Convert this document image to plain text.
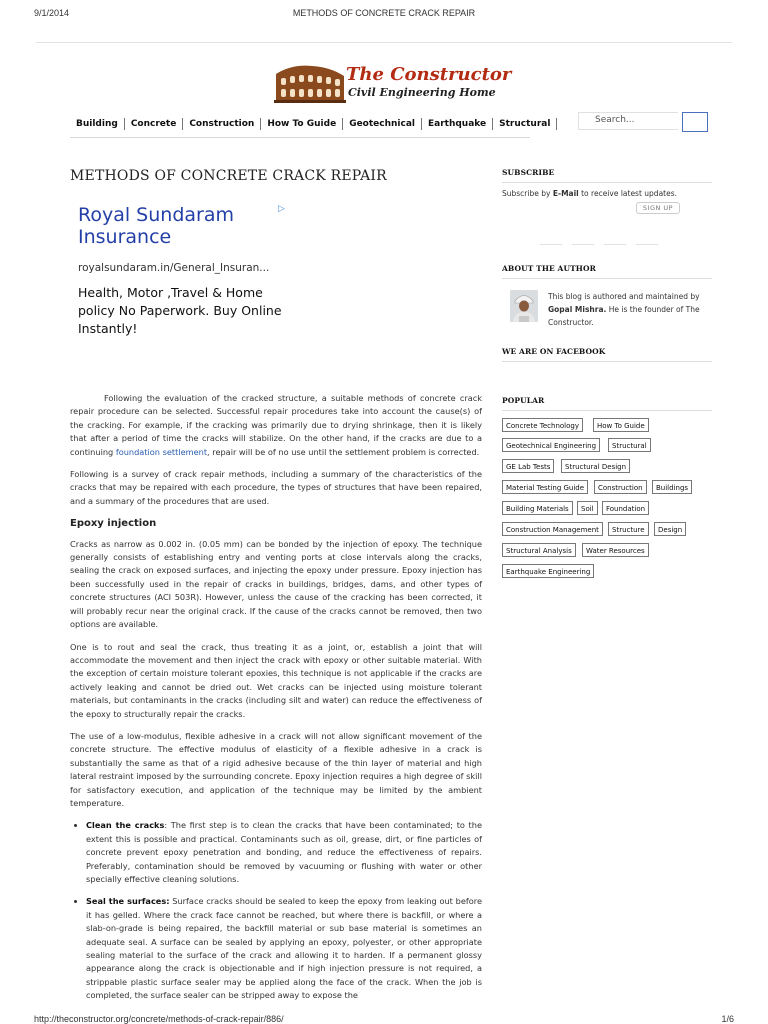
9/1/2014	METHODS OF CONCRETE CRACK REPAIR
The Constructor
Civil Engineering Home
Building	Concrete	Construction	How To Guide	Geotechnical	Earthquake	Structural	Search...
METHODS OF CONCRETE CRACK REPAIR
▷
Royal Sundaram Insurance
royalsundaram.in/General_Insuran...
Health, Motor ,Travel & Home policy No Paperwork. Buy Online Instantly!

Following the evaluation of the cracked structure, a suitable methods of concrete crack repair procedure can be selected. Successful repair procedures take into account the cause(s) of the cracking. For example, if the cracking was primarily due to drying shrinkage, then it is likely that after a period of time the cracks will stabilize. On the other hand, if the cracks are due to a continuing foundation settlement, repair will be of no use until the settlement problem is corrected.

Following is a survey of crack repair methods, including a summary of the characteristics of the cracks that may be repaired with each procedure, the types of structures that have been repaired, and a summary of the procedures that are used.

Epoxy injection

Cracks as narrow as 0.002 in. (0.05 mm) can be bonded by the injection of epoxy. The technique generally consists of establishing entry and venting ports at close intervals along the cracks, sealing the crack on exposed surfaces, and injecting the epoxy under pressure. Epoxy injection has been successfully used in the repair of cracks in buildings, bridges, dams, and other types of concrete structures (ACI 503R). However, unless the cause of the cracking has been corrected, it will probably recur near the original crack. If the cause of the cracks cannot be removed, then two options are available.

One is to rout and seal the crack, thus treating it as a joint, or, establish a joint that will accommodate the movement and then inject the crack with epoxy or other suitable material. With the exception of certain moisture tolerant epoxies, this technique is not applicable if the cracks are actively leaking and cannot be dried out. Wet cracks can be injected using moisture tolerant materials, but contaminants in the cracks (including silt and water) can reduce the effectiveness of the epoxy to structurally repair the cracks.

The use of a low-modulus, flexible adhesive in a crack will not allow significant movement of the concrete structure. The effective modulus of elasticity of a flexible adhesive in a crack is substantially the same as that of a rigid adhesive because of the thin layer of material and high lateral restraint imposed by the surrounding concrete. Epoxy injection requires a high degree of skill for satisfactory execution, and application of the technique may be limited by the ambient temperature.

• Clean the cracks: The first step is to clean the cracks that have been contaminated; to the extent this is possible and practical. Contaminants such as oil, grease, dirt, or fine particles of concrete prevent epoxy penetration and bonding, and reduce the effectiveness of repairs. Preferably, contamination should be removed by vacuuming or flushing with water or other specially effective cleaning solutions.
• Seal the surfaces: Surface cracks should be sealed to keep the epoxy from leaking out before it has gelled. Where the crack face cannot be reached, but where there is backfill, or where a slab-on-grade is being repaired, the backfill material or sub base material is sometimes an adequate seal. A surface can be sealed by applying an epoxy, polyester, or other appropriate sealing material to the surface of the crack and allowing it to harden. If a permanent glossy appearance along the crack is objectionable and if high injection pressure is not required, a strippable plastic surface sealer may be applied along the face of the crack. When the job is completed, the surface sealer can be stripped away to expose the
SUBSCRIBE
Subscribe by E-Mail to receive latest updates.
SIGN UP
ABOUT THE AUTHOR
This blog is authored and maintained by Gopal Mishra. He is the founder of The Constructor.
WE ARE ON FACEBOOK
POPULAR
Concrete Technology	How To Guide
Geotechnical Engineering	Structural
GE Lab Tests	Structural Design
Material Testing Guide	Construction	Buildings
Building Materials	Soil	Foundation
Construction Management	Structure	Design
Structural Analysis	Water Resources
Earthquake Engineering
http://theconstructor.org/concrete/methods-of-crack-repair/886/	1/6
